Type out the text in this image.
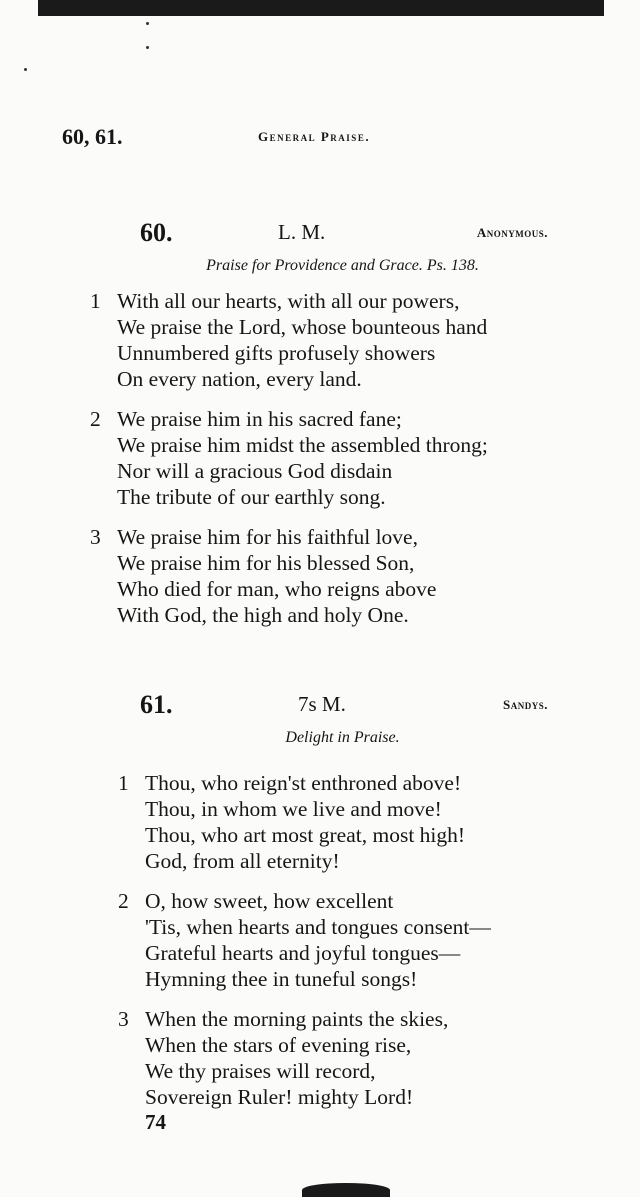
60, 61.	General Praise.
60.	L. M.	Anonymous.
Praise for Providence and Grace. Ps. 138.
1 With all our hearts, with all our powers,
We praise the Lord, whose bounteous hand
Unnumbered gifts profusely showers
On every nation, every land.
2 We praise him in his sacred fane;
We praise him midst the assembled throng;
Nor will a gracious God disdain
The tribute of our earthly song.
3 We praise him for his faithful love,
We praise him for his blessed Son,
Who died for man, who reigns above
With God, the high and holy One.
61.	7s M.	Sandys.
Delight in Praise.
1 Thou, who reign'st enthroned above!
Thou, in whom we live and move!
Thou, who art most great, most high!
God, from all eternity!
2 O, how sweet, how excellent
'Tis, when hearts and tongues consent—
Grateful hearts and joyful tongues—
Hymning thee in tuneful songs!
3 When the morning paints the skies,
When the stars of evening rise,
We thy praises will record,
Sovereign Ruler! mighty Lord!
74
